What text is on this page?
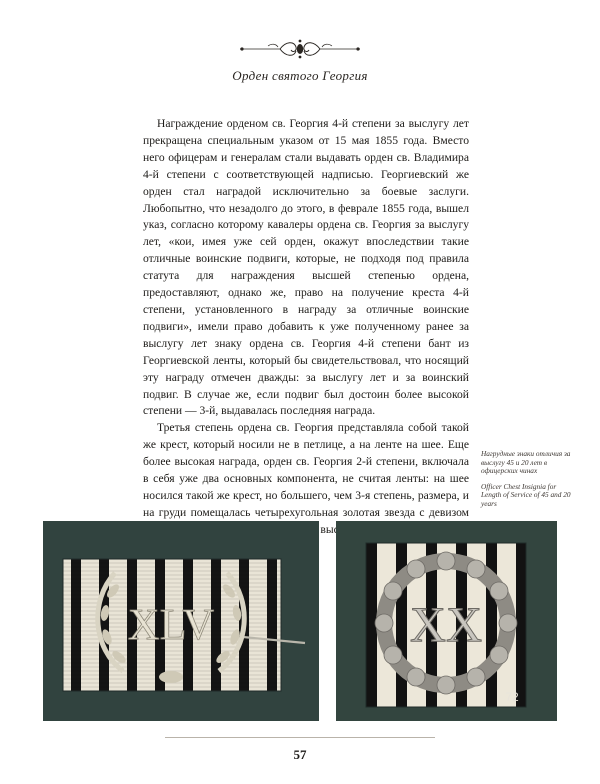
Орден святого Георгия

Награждение орденом св. Георгия 4-й степени за выслугу лет прекращена специальным указом от 15 мая 1855 года. Вместо него офицерам и генералам стали выдавать орден св. Владимира 4-й степени с соответствующей надписью. Георгиевский же орден стал наградой исключительно за боевые заслуги. Любопытно, что незадолго до этого, в феврале 1855 года, вышел указ, согласно которому кавалеры ордена св. Георгия за выслугу лет, «кои, имея уже сей орден, окажут впоследствии такие отличные воинские подвиги, которые, не подходя под правила статута для награждения высшей степенью ордена, предоставляют, однако же, право на получение креста 4-й степени, установленного в награду за отличные воинские подвиги», имели право добавить к уже полученному ранее за выслугу лет знаку ордена св. Георгия 4-й степени бант из Георгиевской ленты, который бы свидетельствовал, что носящий эту награду отмечен дважды: за выслугу лет и за воинский подвиг. В случае же, если подвиг был достоин более высокой степени — 3-й, выдавалась последняя награда.

Третья степень ордена св. Георгия представляла собой такой же крест, который носили не в петлице, а на ленте на шее. Еще более высокая награда, орден св. Георгия 2-й степени, включала в себя уже два основных компонента, не считая ленты: на шее носился такой же крест, но большего, чем 3-я степень, размера, и на груди помещалась четырехугольная золотая звезда с девизом

Нагрудные знаки отличия за выслугу 45 и 20 лет в офицерских чинах
Officer Chest Insignia for Length of Service of 45 and 20 years
XLV	XX
72
57
